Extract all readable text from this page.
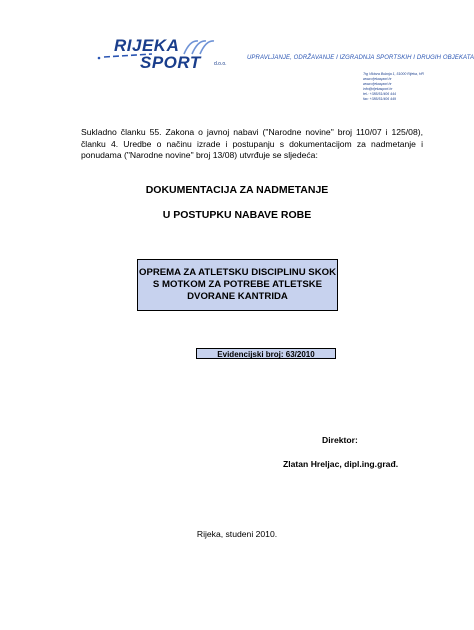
RIJEKA
SPORT	d.o.o.
UPRAVLJANJE, ODRŽAVANJE I IZGRADNJA SPORTSKIH I DRUGIH OBJEKATA
Trg Viktora Bubnja 1, 51000 Rijeka, HR
www.rijekasport.hr
www.rijekasport.hr
info@rijekasport.hr
tel.: +385/51/406 444
fax: +385/51/406 449
Sukladno članku 55. Zakona o javnoj nabavi ("Narodne novine" broj 110/07 i 125/08), članku 4. Uredbe o načinu izrade i postupanju s dokumentacijom za nadmetanje i ponudama ("Narodne novine" broj 13/08) utvrđuje se sljedeća:
DOKUMENTACIJA ZA NADMETANJE
U POSTUPKU NABAVE ROBE
OPREMA ZA ATLETSKU DISCIPLINU SKOK
S MOTKOM ZA POTREBE ATLETSKE
DVORANE KANTRIDA
Evidencijski broj: 63/2010
Direktor:
Zlatan Hreljac, dipl.ing.građ.
Rijeka, studeni 2010.
